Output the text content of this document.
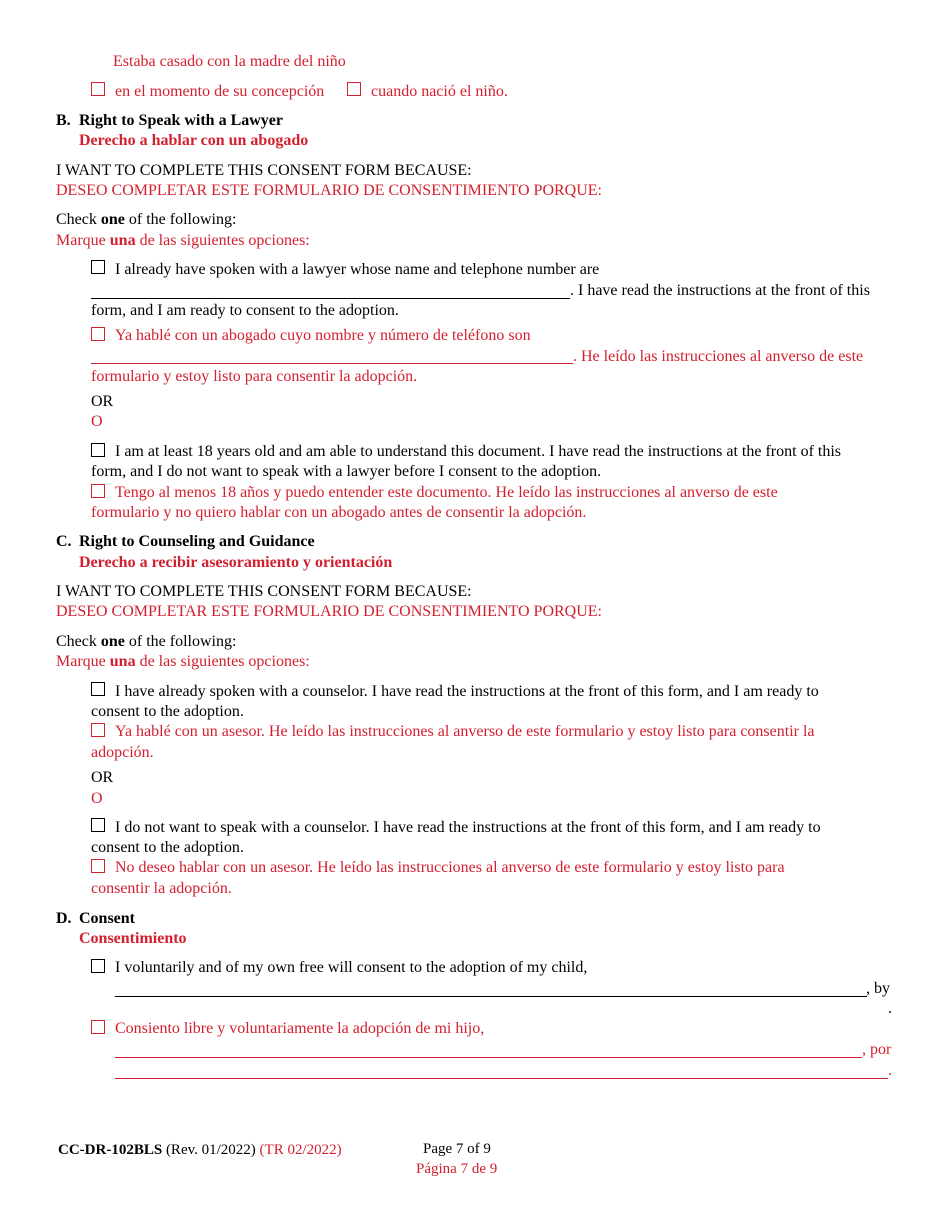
Estaba casado con la madre del niño
en el momento de su concepción	cuando nació el niño.
B. Right to Speak with a Lawyer
Derecho a hablar con un abogado
I WANT TO COMPLETE THIS CONSENT FORM BECAUSE:
DESEO COMPLETAR ESTE FORMULARIO DE CONSENTIMIENTO PORQUE:
Check one of the following:
Marque una de las siguientes opciones:
I already have spoken with a lawyer whose name and telephone number are
. I have read the instructions at the front of this
form, and I am ready to consent to the adoption.
Ya hablé con un abogado cuyo nombre y número de teléfono son
. He leído las instrucciones al anverso de este
formulario y estoy listo para consentir la adopción.
OR
O
I am at least 18 years old and am able to understand this document. I have read the instructions at the front of this
form, and I do not want to speak with a lawyer before I consent to the adoption.
Tengo al menos 18 años y puedo entender este documento. He leído las instrucciones al anverso de este
formulario y no quiero hablar con un abogado antes de consentir la adopción.
C. Right to Counseling and Guidance
Derecho a recibir asesoramiento y orientación
I WANT TO COMPLETE THIS CONSENT FORM BECAUSE:
DESEO COMPLETAR ESTE FORMULARIO DE CONSENTIMIENTO PORQUE:
Check one of the following:
Marque una de las siguientes opciones:
I have already spoken with a counselor. I have read the instructions at the front of this form, and I am ready to
consent to the adoption.
Ya hablé con un asesor. He leído las instrucciones al anverso de este formulario y estoy listo para consentir la
adopción.
OR
O
I do not want to speak with a counselor. I have read the instructions at the front of this form, and I am ready to
consent to the adoption.
No deseo hablar con un asesor. He leído las instrucciones al anverso de este formulario y estoy listo para
consentir la adopción.
D. Consent
Consentimiento
I voluntarily and of my own free will consent to the adoption of my child,
, by
.
Consiento libre y voluntariamente la adopción de mi hijo,
, por
.
CC-DR-102BLS (Rev. 01/2022) (TR 02/2022)	Page 7 of 9
Página 7 de 9
